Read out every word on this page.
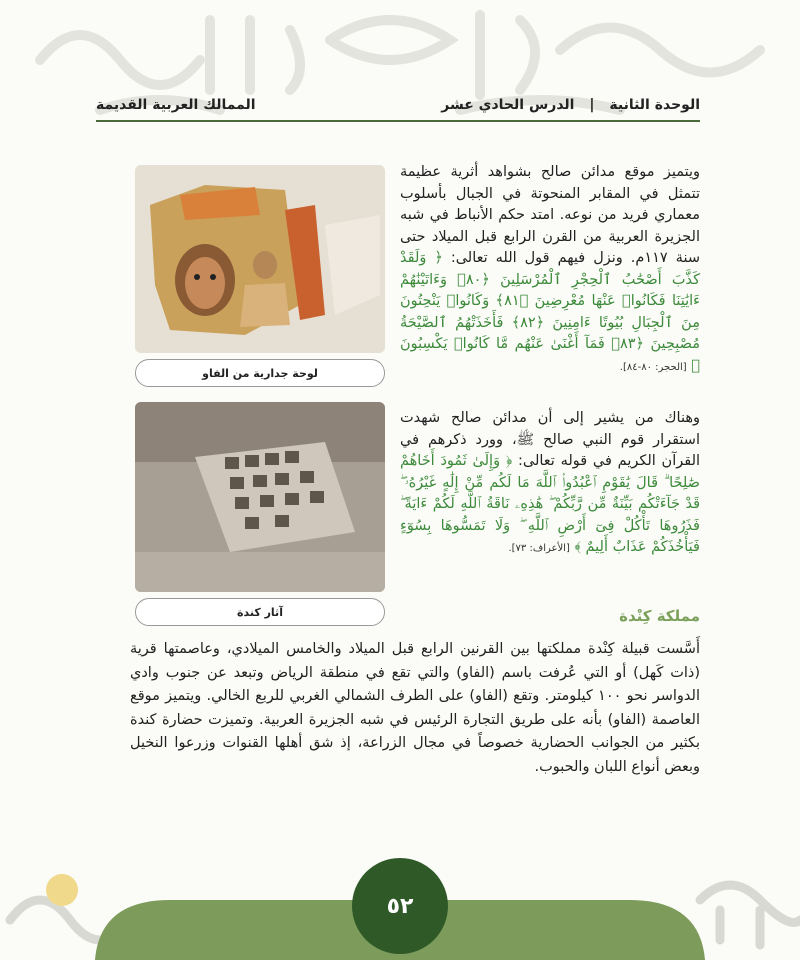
الوحدة الثانية | الدرس الحادي عشر
الممالك العربية القديمة
لوحة جدارية من الفاو
آثار كندة
ويتميز موقع مدائن صالح بشواهد أثرية عظيمة تتمثل في المقابر المنحوتة في الجبال بأسلوب معماري فريد من نوعه. امتد حكم الأنباط في شبه الجزيرة العربية من القرن الرابع قبل الميلاد حتى سنة ١١٧م. ونزل فيهم قول الله تعالى: ﴿ وَلَقَدْ كَذَّبَ أَصْحَٰبُ ٱلْحِجْرِ ٱلْمُرْسَلِينَ ﴿٨٠﴾ وَءَاتَيْنَٰهُمْ ءَايَٰتِنَا فَكَانُوا۟ عَنْهَا مُعْرِضِينَ ﴿٨١﴾ وَكَانُوا۟ يَنْحِتُونَ مِنَ ٱلْجِبَالِ بُيُوتًا ءَامِنِينَ ﴿٨٢﴾ فَأَخَذَتْهُمُ ٱلصَّيْحَةُ مُصْبِحِينَ ﴿٨٣﴾ فَمَآ أَغْنَىٰ عَنْهُم مَّا كَانُوا۟ يَكْسِبُونَ ﴾ [الحجر: ٨٠-٨٤].
وهناك من يشير إلى أن مدائن صالح شهدت استقرار قوم النبي صالح ﷺ، وورد ذكرهم في القرآن الكريم في قوله تعالى: ﴿ وَإِلَىٰ ثَمُودَ أَخَاهُمْ صَٰلِحًا ۗ قَالَ يَٰقَوْمِ ٱعْبُدُوا۟ ٱللَّهَ مَا لَكُم مِّنْ إِلَٰهٍ غَيْرُهُۥ ۖ قَدْ جَآءَتْكُم بَيِّنَةٌ مِّن رَّبِّكُمْ ۖ هَٰذِهِۦ نَاقَةُ ٱللَّهِ لَكُمْ ءَايَةً ۖ فَذَرُوهَا تَأْكُلْ فِىٓ أَرْضِ ٱللَّهِ ۖ وَلَا تَمَسُّوهَا بِسُوٓءٍ فَيَأْخُذَكُمْ عَذَابٌ أَلِيمٌ ﴾ [الأعراف: ٧٣].
مملكة كِنْدة
أَسَّست قبيلة كِنْدة مملكتها بين القرنين الرابع قبل الميلاد والخامس الميلادي، وعاصمتها قرية (ذات كَهل) أو التي عُرفت باسم (الفاو) والتي تقع في منطقة الرياض وتبعد عن جنوب وادي الدواسر نحو ١٠٠ كيلومتر. وتقع (الفاو) على الطرف الشمالي الغربي للربع الخالي. ويتميز موقع العاصمة (الفاو) بأنه على طريق التجارة الرئيس في شبه الجزيرة العربية. وتميزت حضارة كندة بكثير من الجوانب الحضارية خصوصاً في مجال الزراعة، إذ شق أهلها القنوات وزرعوا النخيل وبعض أنواع اللبان والحبوب.
٥٢
